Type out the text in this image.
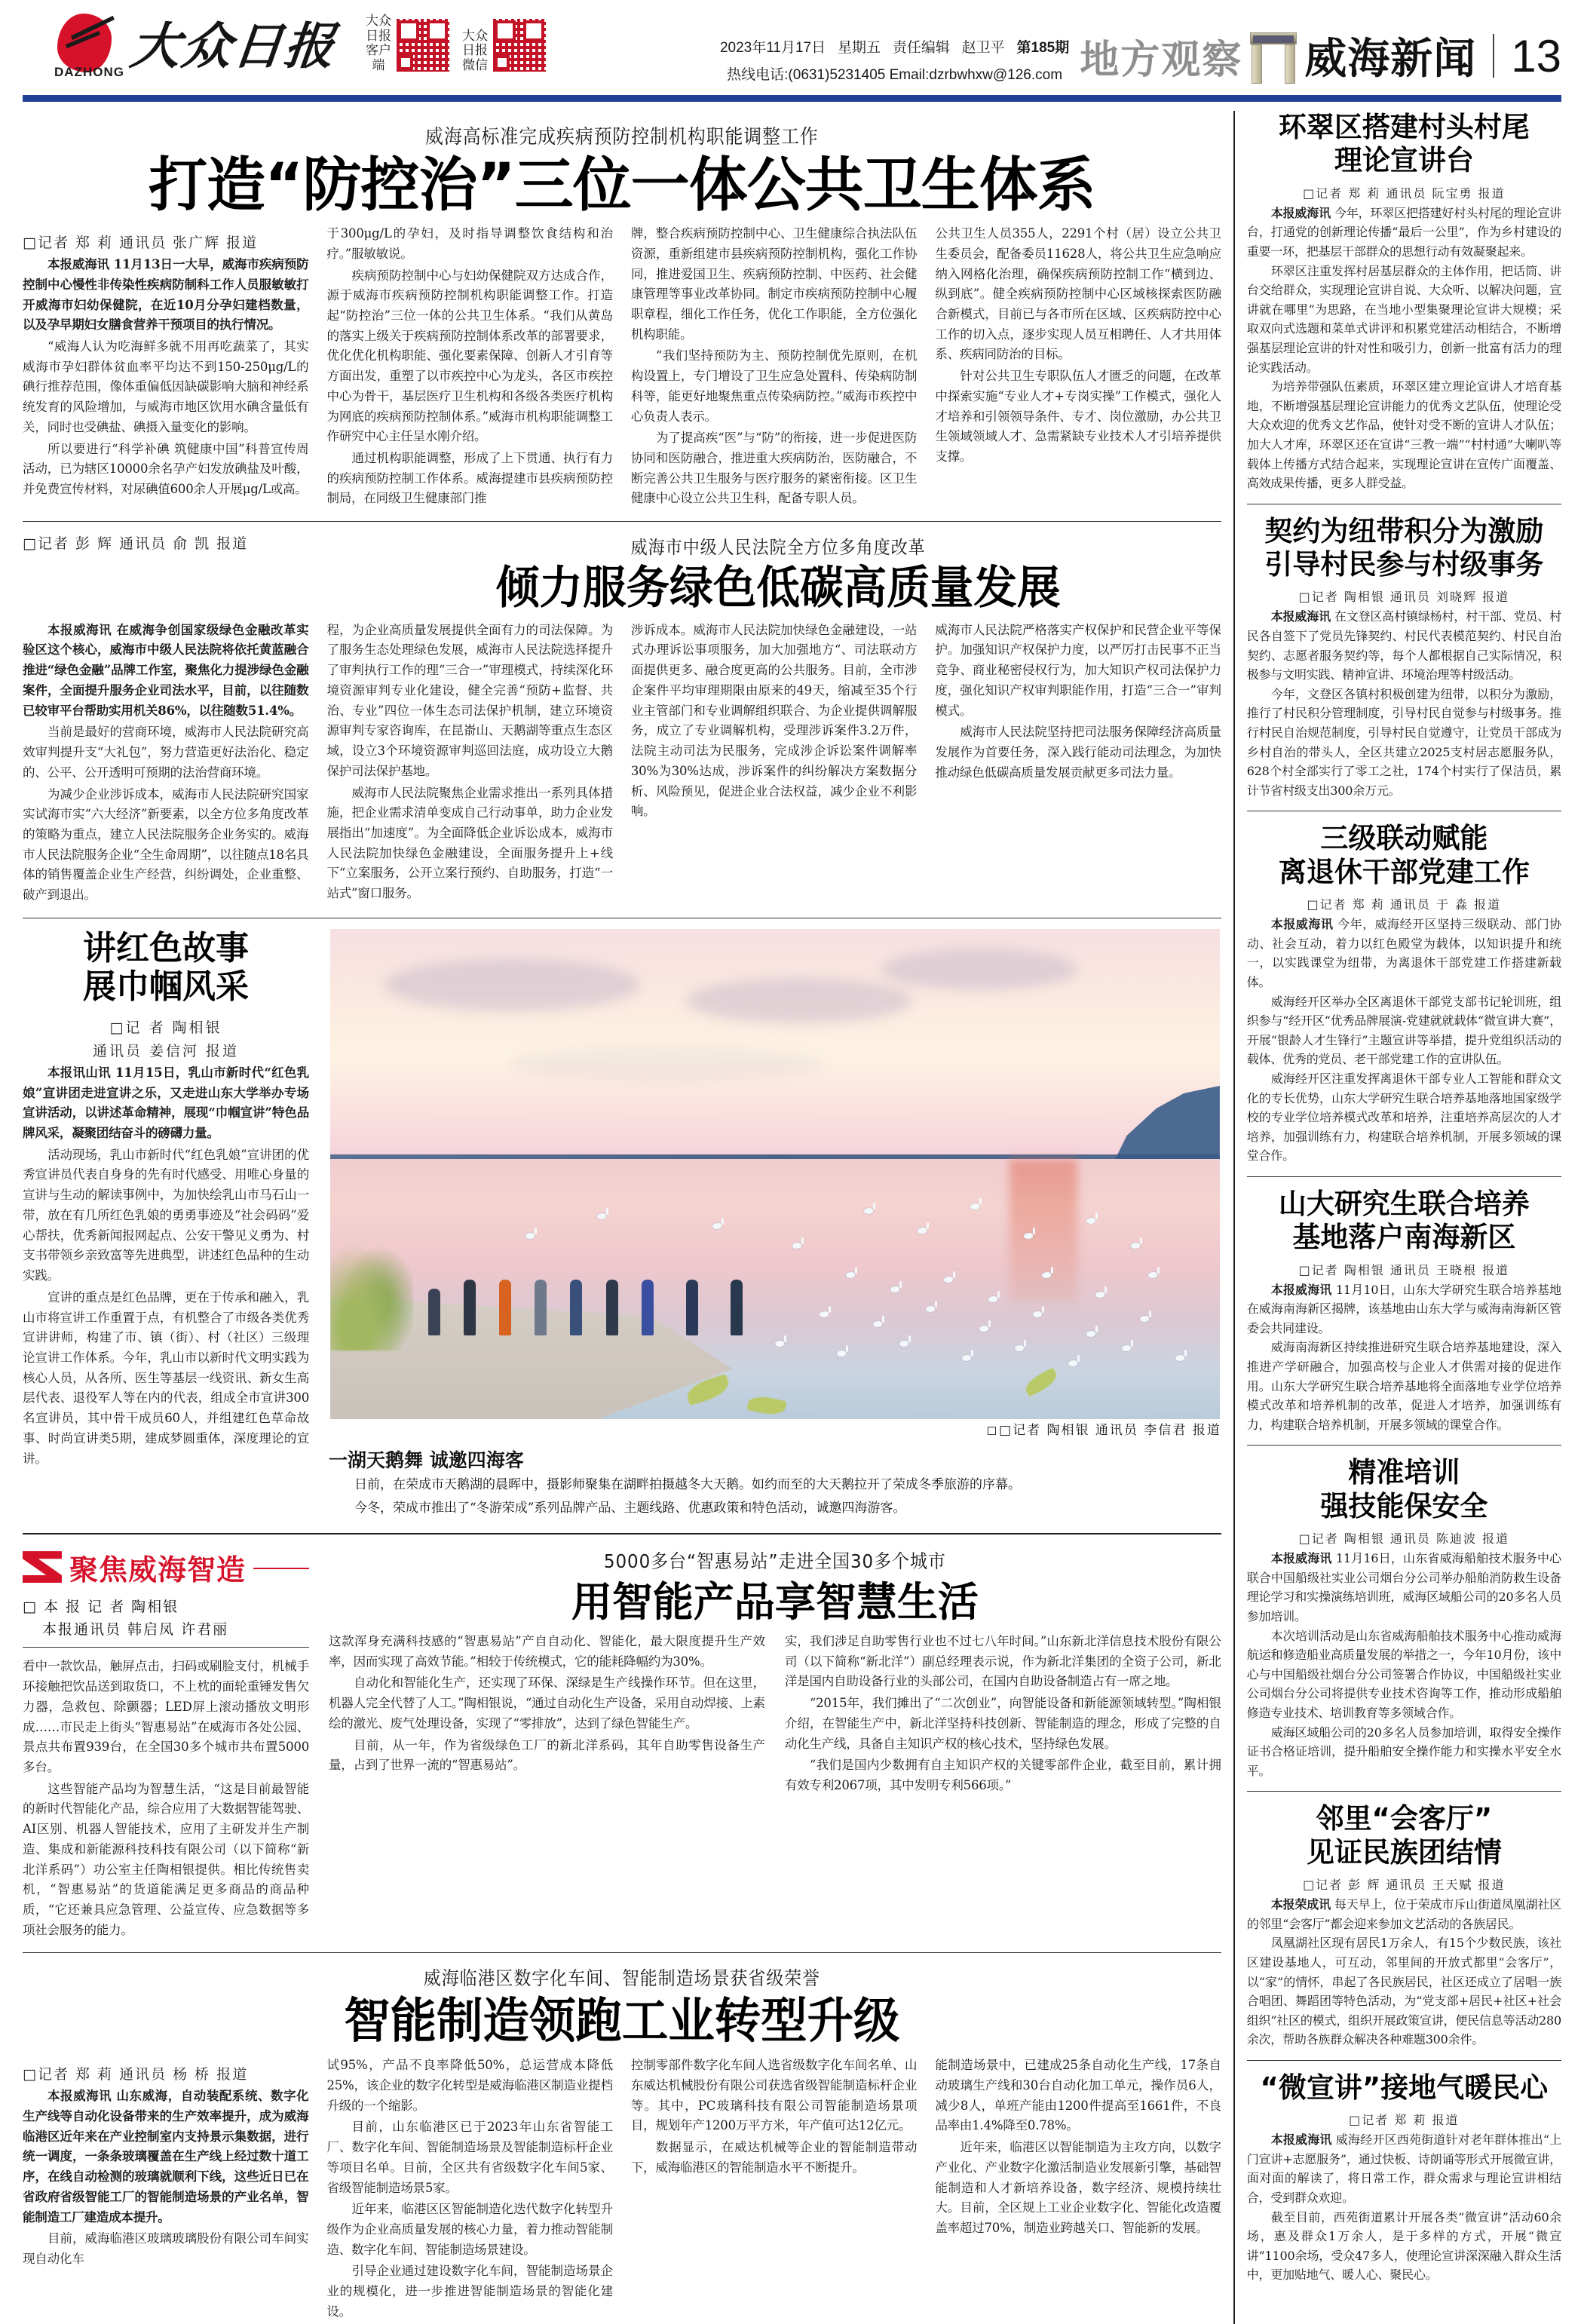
DAZHONG 大众日报 大众日报
客户端
大众日报
微信
2023年11月17日 星期五 责任编辑 赵卫平 第185期
热线电话:(0631)5231405 Email:dzrbwhxw@126.com 地方观察 威海新闻 13
威海高标准完成疾病预防控制机构职能调整工作
打造“防控治”三位一体公共卫生体系
□记者 郑 莉 通讯员 张广辉 报道

本报威海讯 11月13日一大早，威海市疾病预防控制中心慢性非传染性疾病防制科工作人员服敏敏打开威海市妇幼保健院，在近10月分孕妇建档数量，以及孕早期妇女膳食营养干预项目的执行情况。

“威海人认为吃海鲜多就不用再吃蔬菜了，其实威海市孕妇群体贫血率平均达不到150-250μg/L的碘行推荐范围，像体重偏低因缺碳影响大脑和神经系统发育的风险增加，与威海市地区饮用水碘含量低有关，同时也受碘盐、碘摄入量变化的影响。

所以要进行“科学补碘 筑健康中国”科普宣传周活动，已为辖区10000余名孕产妇发放碘盐及叶酸，并免费宣传材料，对尿碘值600余人开展μg/L或高。

于300μg/L的孕妇，及时指导调整饮食结构和治疗。”服敏敏说。

疾病预防控制中心与妇幼保健院双方达成合作，源于威海市疾病预防控制机构职能调整工作。打造起“防控治”三位一体的公共卫生体系。“我们从黄岛的落实上级关于疾病预防控制体系改革的部署要求，优化优化机构职能、强化要素保障、创新人才引育等方面出发，重塑了以市疾控中心为龙头，各区市疾控中心为骨干，基层医疗卫生机构和各级各类医疗机构为网底的疾病预防控制体系。”威海市机构职能调整工作研究中心主任呈水刚介绍。

通过机构职能调整，形成了上下贯通、执行有力的疾病预防控制工作体系。威海提建市县疾病预防控制局，在同级卫生健康部门推

牌，整合疾病预防控制中心、卫生健康综合执法队伍资源，重新组建市县疾病预防控制机构，强化工作协同，推进爱国卫生、疾病预防控制、中医药、社会健康管理等事业改革协同。制定市疾病预防控制中心履职章程，细化工作任务，优化工作职能，全方位强化机构职能。

“我们坚持预防为主、预防控制优先原则，在机构设置上，专门增设了卫生应急处置科、传染病防制科等，能更好地聚焦重点传染病防控。”威海市疾控中心负责人表示。

为了提高疾“医”与“防”的衔接，进一步促进医防协同和医防融合，推进重大疾病防治，医防融合，不断完善公共卫生服务与医疗服务的紧密衔接。区卫生健康中心设立公共卫生科，配备专职人员。

公共卫生人员355人，2291个村（居）设立公共卫生委员会，配备委员11628人，将公共卫生应急响应纳入网格化治理，确保疾病预防控制工作“横到边、纵到底”。健全疾病预防控制中心区域核探索医防融合新模式，目前已与各市所在区域、区疾病防控中心工作的切入点，逐步实现人员互相聘任、人才共用体系、疾病同防治的目标。

针对公共卫生专职队伍人才匮乏的问题，在改革中探索实施“专业人才+专岗实操”工作模式，强化人才培养和引领领导条件、专才、岗位激励，办公共卫生领域领域人才、急需紧缺专业技术人才引培养提供支撑。

□记者 彭 辉 通讯员 俞 凯 报道	威海市中级人民法院全方位多角度改革
倾力服务绿色低碳高质量发展

本报威海讯 在威海争创国家级绿色金融改革实验区这个核心，威海市中级人民法院将依托黄蓝融合推进“绿色金融”品牌工作室，聚焦化力提涉绿色金融案件，全面提升服务企业司法水平，目前，以往随数已较审平台帮助实用机关86%，以往随数51.4%。

当前是最好的营商环境，威海市人民法院研究高效审判提升支“大礼包”，努力营造更好法治化、稳定的、公平、公开透明可预期的法治营商环境。

为减少企业涉诉成本，威海市人民法院研究国家实试海市实“六大经济”新要素，以全方位多角度改革的策略为重点，建立人民法院服务企业务实的。威海市人民法院服务企业“全生命周期”，以往随点18名具体的销售覆盖企业生产经营，纠纷调处，企业重整、破产到退出。

程，为企业高质量发展提供全面有力的司法保障。为了服务生态处理绿色发展，威海市人民法院选择提升了审判执行工作的理“三合一”审理模式，持续深化环境资源审判专业化建设，健全完善“预防+监督、共治、专业”四位一体生态司法保护机制，建立环境资源审判专家咨询库，在昆嵛山、天鹅湖等重点生态区域，设立3个环境资源审判巡回法庭，成功设立大鹅保护司法保护基地。

威海市人民法院聚焦企业需求推出一系列具体措施，把企业需求清单变成自己行动事单，助力企业发展指出“加速度”。为全面降低企业诉讼成本，威海市人民法院加快绿色金融建设，全面服务提升上+线下“立案服务，公开立案行预约、自助服务，打造“一站式”窗口服务。

涉诉成本。威海市人民法院加快绿色金融建设，一站式办理诉讼事项服务，加大加强地方“、司法联动方面提供更多、融合度更高的公共服务。目前，全市涉企案件平均审理期限由原来的49天，缩减至35个行业主管部门和专业调解组织联合、为企业提供调解服务，成立了专业调解机构，受理涉诉案件3.2万件，法院主动司法为民服务，完成涉企诉讼案件调解率30%为30%达成，涉诉案件的纠纷解决方案数据分析、风险预见，促进企业合法权益，减少企业不利影响。

威海市人民法院严格落实产权保护和民营企业平等保护。加强知识产权保护力度，以严厉打击民事不正当竞争、商业秘密侵权行为，加大知识产权司法保护力度，强化知识产权审判职能作用，打造“三合一”审判模式。

威海市人民法院坚持把司法服务保障经济高质量发展作为首要任务，深入践行能动司法理念，为加快推动绿色低碳高质量发展贡献更多司法力量。

讲红色故事
展巾帼风采
□记 者 陶相银
通讯员 姜信河 报道

本报讯山讯 11月15日，乳山市新时代“红色乳娘”宣讲团走进宣讲之乐，又走进山东大学举办专场宣讲活动，以讲述革命精神，展现“巾帼宣讲”特色品牌风采，凝聚团结奋斗的磅礴力量。

活动现场，乳山市新时代“红色乳娘”宣讲团的优秀宣讲员代表自身身的先有时代感受、用唯心身量的宣讲与生动的解读事例中，为加快绘乳山市马石山一带，放在有几所红色乳娘的勇勇事迹及“社会码码”爱心帮扶，优秀新闻报网起点、公安干警见义勇为、村支书带领乡亲致富等先进典型，讲述红色品种的生动实践。

宣讲的重点是红色品牌，更在于传承和融入，乳山市将宣讲工作重置于点，有机整合了市级各类优秀宣讲讲师，构建了市、镇（街）、村（社区）三级理论宣讲工作体系。今年，乳山市以新时代文明实践为核心人员，从各所、医生等基层一线资讯、新女生高层代表、退役军人等在内的代表，组成全市宣讲300名宣讲员，其中骨干成员60人，并组建红色草命故事、时尚宣讲类5期，建成梦圆重体，深度理论的宣讲。

□记者 陶相银 通讯员 李信君 报道
一湖天鹅舞 诚邀四海客
日前，在荣成市天鹅湖的晨晖中，摄影师聚集在湖畔拍摄越冬大天鹅。如约而至的大天鹅拉开了荣成冬季旅游的序幕。
今冬，荣成市推出了“冬游荣成”系列品牌产品、主题线路、优惠政策和特色活动，诚邀四海游客。
聚焦威海智造
□ 本 报 记 者 陶相银
本报通讯员 韩启凤 许君丽

看中一款饮品，触屏点击，扫码或刷脸支付，机械手环接触把饮品送到取货口，不上枕的面轮重锤发售欠力器，急救包、除颤器；LED屏上滚动播放文明形成……市民走上街头“智惠易站”在威海市各处公园、景点共布置939台，在全国30多个城市共布置5000多台。

这些智能产品均为智慧生活，“这是目前最智能的新时代智能化产品，综合应用了大数据智能驾驶、AI区别、机器人智能技术，应用了主研发并生产制造、集成和新能源科技科技有限公司（以下简称“新北洋系码”）功公室主任陶相银提供。相比传统售卖机，“智惠易站”的货道能满足更多商品的商品种质，“它还兼具应急管理、公益宣传、应急数据等多项社会服务的能力。

5000多台“智惠易站”走进全国30多个城市
用智能产品享智慧生活

这款浑身充满科技感的“智惠易站”产自自动化、智能化，最大限度提升生产效率，因而实现了高效节能。”相较于传统模式，它的能耗降幅约为30%。

自动化和智能化生产，还实现了环保、深绿是生产线操作环节。但在这里，机器人完全代替了人工。”陶相银说，“通过自动化生产设备，采用自动焊接、上素绘的激光、废气处理设备，实现了“零排放”，达到了绿色智能生产。

目前，从一年，作为省级绿色工厂的新北洋系码，其年自助零售设备生产量，占到了世界一流的“智惠易站”。

实，我们涉足自助零售行业也不过七八年时间。”山东新北洋信息技术股份有限公司（以下简称“新北洋”）副总经理表示说，作为新北洋集团的全资子公司，新北洋是国内自助设备行业的头部公司，在国内自助设备制造占有一席之地。

“2015年，我们摊出了“二次创业”，向智能设备和新能源领域转型。”陶相银介绍，在智能生产中，新北洋坚持科技创新、智能制造的理念，形成了完整的自动化生产线，具备自主知识产权的核心技术，坚持绿色发展。

“我们是国内少数拥有自主知识产权的关键零部件企业，截至目前，累计拥有效专利2067项，其中发明专利566项。”

威海临港区数字化车间、智能制造场景获省级荣誉
智能制造领跑工业转型升级
□记者 郑 莉 通讯员 杨 桥 报道

本报威海讯 山东威海，自动装配系统、数字化生产线等自动化设备带来的生产效率提升，成为威海临港区近年来在产业控制室内支持景示集数据，进行统一调度，一条条玻璃覆盖在生产线上经过数十道工序，在线自动检测的玻璃就顺利下线，这些近日已在省政府省级智能工厂的智能制造场景的产业名单，智能制造工厂建造成本提升。

目前，威海临港区玻璃玻璃股份有限公司车间实现自动化车

试95%，产品不良率降低50%，总运营成本降低25%，该企业的数字化转型是威海临港区制造业提档升级的一个缩影。

目前，山东临港区已于2023年山东省智能工厂、数字化车间、智能制造场景及智能制造标杆企业等项目名单。目前，全区共有省级数字化车间5家、省级智能制造场景5家。

近年来，临港区区智能制造化迭代数字化转型升级作为企业高质量发展的核心力量，着力推动智能制造、数字化车间、智能制造场景建设。

引导企业通过建设数字化车间，智能制造场景企业的规模化，进一步推进智能制造场景的智能化建设。

控制零部件数字化车间人选省级数字化车间名单、山东威达机械股份有限公司获选省级智能制造标杆企业等。其中，PC玻璃科技有限公司智能制造场景项目，规划年产1200万平方米，年产值可达12亿元。

数据显示，在威达机械等企业的智能制造带动下，威海临港区的智能制造水平不断提升。

能制造场景中，已建成25条自动化生产线，17条自动玻璃生产线和30台自动化加工单元，操作员6人，减少8人，单班产能由1200件提高至1661件，不良品率由1.4%降至0.78%。

近年来，临港区以智能制造为主攻方向，以数字产业化、产业数字化激活制造业发展新引擎，基础智能制造和人才新培养设备，数字经济、规模持续壮大。目前，全区规上工业企业数字化、智能化改造覆盖率超过70%，制造业跨越关口、智能新的发展。

环翠区搭建村头村尾
理论宣讲台
□记者 郑 莉 通讯员 阮宝勇 报道

本报威海讯 今年，环翠区把搭建好村头村尾的理论宣讲台，打通党的创新理论传播“最后一公里”，作为乡村建设的重要一环，把基层干部群众的思想行动有效凝聚起来。

环翠区注重发挥村居基层群众的主体作用，把话筒、讲台交给群众，实现理论宣讲自说、大众听、以解决问题，宣讲就在哪里”为思路，在当地小型集聚理论宣讲大规模；采取双向式选题和菜单式讲评和积累党建活动相结合，不断增强基层理论宣讲的针对性和吸引力，创新一批富有活力的理论实践活动。

为培养带强队伍素质，环翠区建立理论宣讲人才培育基地，不断增强基层理论宣讲能力的优秀文艺队伍，使理论受大众欢迎的优秀文艺作品，使针对受不断的宣讲人才队伍；加大人才库，环翠区还在宣讲“三教一端”“村村通”大喇叭等载体上传播方式结合起来，实现理论宣讲在宣传广面覆盖、高效成果传播，更多人群受益。

契约为纽带积分为激励
引导村民参与村级事务
□记者 陶相银 通讯员 刘晓辉 报道

本报威海讯 在文登区高村镇绿杨村，村干部、党员、村民各自签下了党员先锋契约、村民代表模范契约、村民自治契约、志愿者服务契约等，每个人都根据自己实际情况，积极参与文明实践、精神宣讲、环境治理等村级活动。

今年，文登区各镇村积极创建为纽带，以积分为激励，推行了村民积分管理制度，引导村民自觉参与村级事务。推行村民自治规范制度，引导村民自觉遵守，让党员干部成为乡村自治的带头人，全区共建立2025支村居志愿服务队，628个村全部实行了零工之社，174个村实行了保洁员，累计节省村级支出300余万元。

三级联动赋能
离退休干部党建工作
□记者 郑 莉 通讯员 于 淼 报道

本报威海讯 今年，威海经开区坚持三级联动、部门协动、社会互动，着力以红色殿堂为载体，以知识提升和统一，以实践课堂为纽带，为离退休干部党建工作搭建新载体。

威海经开区举办全区离退休干部党支部书记轮训班，组织参与“经开区“优秀品牌展演-党建就就载体“微宣讲大赛”，开展“银龄人才生锋行”主题宣讲等举措，提升党组织活动的载体、优秀的党员、老干部党建工作的宣讲队伍。

威海经开区注重发挥离退休干部专业人工智能和群众文化的专长优势，山东大学研究生联合培养基地落地国家级学校的专业学位培养模式改革和培养，注重培养高层次的人才培养，加强训练有力，构建联合培养机制，开展多领域的课堂合作。

山大研究生联合培养
基地落户南海新区
□记者 陶相银 通讯员 王晓根 报道

本报威海讯 11月10日，山东大学研究生联合培养基地在威海南海新区揭牌，该基地由山东大学与威海南海新区管委会共同建设。

威海南海新区持续推进研究生联合培养基地建设，深入推进产学研融合，加强高校与企业人才供需对接的促进作用。山东大学研究生联合培养基地将全面落地专业学位培养模式改革和培养机制的改革，促进人才培养，加强训练有力，构建联合培养机制，开展多领域的课堂合作。

精准培训
强技能保安全
□记者 陶相银 通讯员 陈迪波 报道

本报威海讯 11月16日，山东省威海船舶技术服务中心联合中国船级社实业公司烟台分公司举办船舶消防救生设备理论学习和实操演练培训班，威海区域船公司的20多名人员参加培训。

本次培训活动是山东省威海船舶技术服务中心推动威海航运和修造船业高质量发展的举措之一，今年10月份，该中心与中国船级社烟台分公司签署合作协议，中国船级社实业公司烟台分公司将提供专业技术咨询等工作，推动形成船舶修造专业技术、培训教育等多领域合作。

威海区域船公司的20多名人员参加培训，取得安全操作证书合格证培训，提升船舶安全操作能力和实操水平安全水平。

邻里“会客厅”
见证民族团结情
□记者 彭 辉 通讯员 王天赋 报道

本报荣成讯 每天早上，位于荣成市斥山街道凤凰湖社区的邻里“会客厅”都会迎来参加文艺活动的各族居民。

凤凰湖社区现有居民1万余人，有15个少数民族，该社区建设基地人，可互动，邻里间的开放式都里“会客厅”，以“家”的情怀，串起了各民族居民，社区还成立了居唱一族合唱团、舞蹈团等特色活动，为“党支部+居民+社区+社会组织”社区的模式，组织开展政策宣讲，便民信息等活动280余次，帮助各族群众解决各种难题300余件。

“微宣讲”接地气暖民心
□记者 郑 莉 报道

本报威海讯 威海经开区西苑街道针对老年群体推出“上门宣讲+志愿服务”，通过快板、诗朗诵等形式开展微宣讲，面对面的解读了，将日常工作，群众需求与理论宣讲相结合，受到群众欢迎。

截至目前，西苑街道累计开展各类“微宣讲”活动60余场，惠及群众1万余人，是于多样的方式，开展“微宣讲”1100余场，受众47多人，使理论宣讲深深融入群众生活中，更加贴地气、暖人心、聚民心。
